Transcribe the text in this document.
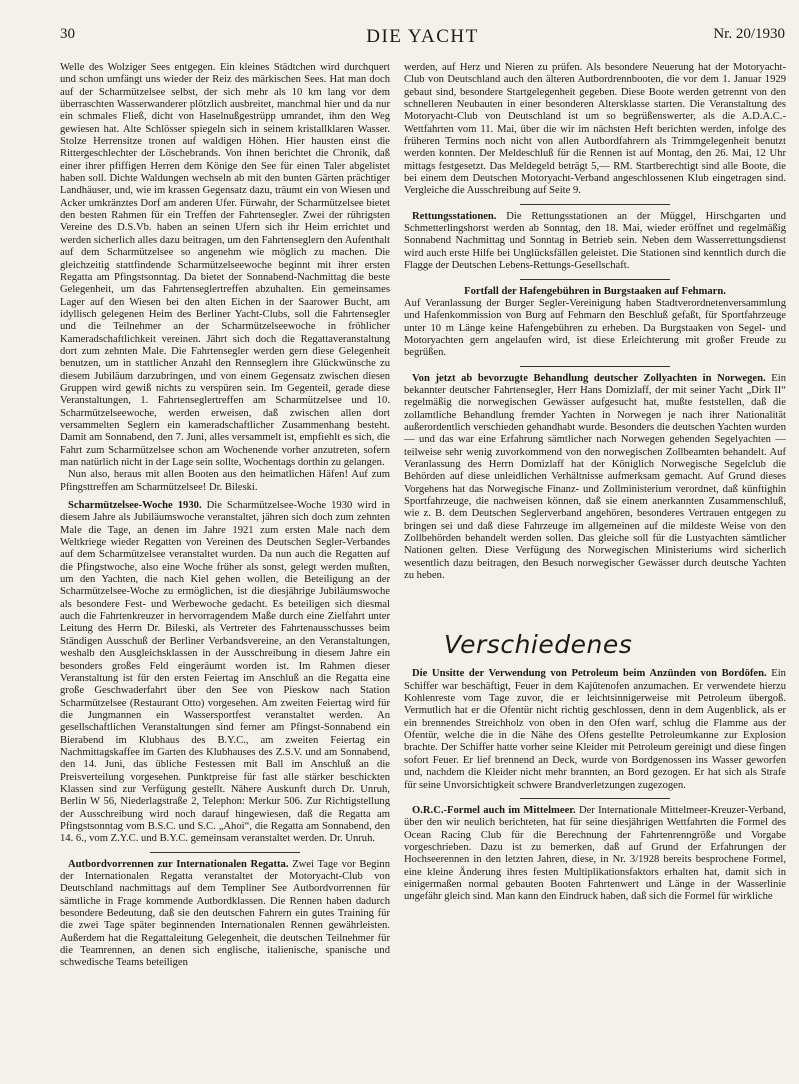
30	DIE YACHT	Nr. 20/1930

Welle des Wolziger Sees entgegen. Ein kleines Städtchen wird durchquert und schon umfängt uns wieder der Reiz des märkischen Sees. Hat man doch auf der Scharmützelsee selbst, der sich mehr als 10 km lang vor dem überraschten Wasserwanderer plötzlich ausbreitet, manchmal hier und da nur ein schmales Fließ, dicht von Haselnußgestrüpp umrandet, ihm den Weg gewiesen hat. Alte Schlösser spiegeln sich in seinem kristallklaren Wasser. Stolze Herrensitze tronen auf waldigen Höhen. Hier hausten einst die Rittergeschlechter der Löschebrands. Von ihnen berichtet die Chronik, daß einer ihrer pfiffigen Herren dem Könige den See für einen Taler abgelistet haben soll. Dichte Waldungen wechseln ab mit den bunten Gärten prächtiger Landhäuser, und, wie im krassen Gegensatz dazu, träumt ein von Wiesen und Acker umkränztes Dorf am anderen Ufer. Fürwahr, der Scharmützelsee bietet den besten Rahmen für ein Treffen der Fahrtensegler. Zwei der rührigsten Vereine des D.S.Vb. haben an seinen Ufern sich ihr Heim errichtet und werden sicherlich alles dazu beitragen, um den Fahrtenseglern den Aufenthalt auf dem Scharmützelsee so angenehm wie möglich zu machen. Die gleichzeitig stattfindende Scharmützelseewoche beginnt mit ihrer ersten Regatta am Pfingstsonntag. Da bietet der Sonnabend-Nachmittag die beste Gelegenheit, um das Fahrtenseglertreffen abzuhalten. Ein gemeinsames Lager auf den Wiesen bei den alten Eichen in der Saarower Bucht, am idyllisch gelegenen Heim des Berliner Yacht-Clubs, soll die Fahrtensegler und die Teilnehmer an der Scharmützelseewoche in fröhlicher Kameradschaftlichkeit vereinen. Jährt sich doch die Regattaveranstaltung dort zum zehnten Male. Die Fahrtensegler werden gern diese Gelegenheit benutzen, um in stattlicher Anzahl den Rennseglern ihre Glückwünsche zu diesem Jubiläum darzubringen, und von einem Gegensatz zwischen diesen Gruppen wird gewiß nichts zu verspüren sein. Im Gegenteil, gerade diese Veranstaltungen, 1. Fahrtenseglertreffen am Scharmützelsee und 10. Scharmützelseewoche, werden erweisen, daß zwischen allen dort versammelten Seglern ein kameradschaftlicher Zusammenhang besteht. Damit am Sonnabend, den 7. Juni, alles versammelt ist, empfiehlt es sich, die Fahrt zum Scharmützelsee schon am Wochenende vorher anzutreten, sofern man natürlich nicht in der Lage sein sollte, Wochentags dorthin zu gelangen.

Nun also, heraus mit allen Booten aus den heimatlichen Häfen! Auf zum Pfingsttreffen am Scharmützelsee! Dr. Bileski.

Scharmützelsee-Woche 1930. Die Scharmützelsee-Woche 1930 wird in diesem Jahre als Jubiläumswoche veranstaltet, jähren sich doch zum zehnten Male die Tage, an denen im Jahre 1921 zum ersten Male nach dem Weltkriege wieder Regatten von Vereinen des Deutschen Segler-Verbandes auf dem Scharmützelsee veranstaltet wurden. Da nun auch die Regatten auf die Pfingstwoche, also eine Woche früher als sonst, gelegt werden mußten, um den Yachten, die nach Kiel gehen wollen, die Beteiligung an der Scharmützelsee-Woche zu ermöglichen, ist die diesjährige Jubiläumswoche als besondere Fest- und Werbewoche gedacht. Es beteiligen sich diesmal auch die Fahrtenkreuzer in hervorragendem Maße durch eine Zielfahrt unter Leitung des Herrn Dr. Bileski, als Vertreter des Fahrtenausschusses beim Ständigen Ausschuß der Berliner Verbandsvereine, an den Veranstaltungen, weshalb den Ausgleichsklassen in der Ausschreibung in diesem Jahre ein besonders großes Feld eingeräumt worden ist. Im Rahmen dieser Veranstaltung ist für den ersten Feiertag im Anschluß an die Regatta eine große Geschwaderfahrt über den See von Pieskow nach Station Scharmützelsee (Restaurant Otto) vorgesehen. Am zweiten Feiertag wird für die Jungmannen ein Wassersportfest veranstaltet werden. An gesellschaftlichen Veranstaltungen sind ferner am Pfingst-Sonnabend ein Bierabend im Klubhaus des B.Y.C., am zweiten Feiertag ein Nachmittagskaffee im Garten des Klubhauses des Z.S.V. und am Sonnabend, den 14. Juni, das übliche Festessen mit Ball im Anschluß an die Preisverteilung vorgesehen. Punktpreise für fast alle stärker beschickten Klassen sind zur Verfügung gestellt. Nähere Auskunft durch Dr. Unruh, Berlin W 56, Niederlagstraße 2, Telephon: Merkur 506. Zur Richtigstellung der Ausschreibung wird noch darauf hingewiesen, daß die Regatta am Pfingstsonntag vom B.S.C. und S.C. „Ahoi“, die Regatta am Sonnabend, den 14. 6., vom Z.Y.C. und B.Y.C. gemeinsam veranstaltet werden. Dr. Unruh.

Autbordvorrennen zur Internationalen Regatta. Zwei Tage vor Beginn der Internationalen Regatta veranstaltet der Motoryacht-Club von Deutschland nachmittags auf dem Templiner See Autbordvorrennen für sämtliche in Frage kommende Autbordklassen. Die Rennen haben dadurch besondere Bedeutung, daß sie den deutschen Fahrern ein gutes Training für die zwei Tage später beginnenden Internationalen Rennen gewährleisten. Außerdem hat die Regattaleitung Gelegenheit, die deutschen Teilnehmer für die Teamrennen, an denen sich englische, italienische, spanische und schwedische Teams beteiligen

werden, auf Herz und Nieren zu prüfen. Als besondere Neuerung hat der Motoryacht-Club von Deutschland auch den älteren Autbordrennbooten, die vor dem 1. Januar 1929 gebaut sind, besondere Startgelegenheit gegeben. Diese Boote werden getrennt von den schnelleren Neubauten in einer besonderen Altersklasse starten. Die Veranstaltung des Motoryacht-Club von Deutschland ist um so begrüßenswerter, als die A.D.A.C.-Wettfahrten vom 11. Mai, über die wir im nächsten Heft berichten werden, infolge des früheren Termins noch nicht von allen Autbordfahrern als Trimmgelegenheit benutzt werden konnten. Der Meldeschluß für die Rennen ist auf Montag, den 26. Mai, 12 Uhr mittags festgesetzt. Das Meldegeld beträgt 5,— RM. Startberechtigt sind alle Boote, die bei einem dem Deutschen Motoryacht-Verband angeschlossenen Klub eingetragen sind. Vergleiche die Ausschreibung auf Seite 9.

Rettungsstationen. Die Rettungsstationen an der Müggel, Hirschgarten und Schmetterlingshorst werden ab Sonntag, den 18. Mai, wieder eröffnet und regelmäßig Sonnabend Nachmittag und Sonntag in Betrieb sein. Neben dem Wasserrettungsdienst wird auch erste Hilfe bei Unglücksfällen geleistet. Die Stationen sind kenntlich durch die Flagge der Deutschen Lebens-Rettungs-Gesellschaft.

Fortfall der Hafengebühren in Burgstaaken auf Fehmarn.

Auf Veranlassung der Burger Segler-Vereinigung haben Stadtverordnetenversammlung und Hafenkommission von Burg auf Fehmarn den Beschluß gefaßt, für Sportfahrzeuge unter 10 m Länge keine Hafengebühren zu erheben. Da Burgstaaken von Segel- und Motoryachten gern angelaufen wird, ist diese Erleichterung mit großer Freude zu begrüßen.

Von jetzt ab bevorzugte Behandlung deutscher Zollyachten in Norwegen. Ein bekannter deutscher Fahrtensegler, Herr Hans Domizlaff, der mit seiner Yacht „Dirk II“ regelmäßig die norwegischen Gewässer aufgesucht hat, mußte feststellen, daß die zollamtliche Behandlung fremder Yachten in Norwegen je nach ihrer Nationalität außerordentlich verschieden gehandhabt wurde. Besonders die deutschen Yachten wurden — und das war eine Erfahrung sämtlicher nach Norwegen gehenden Segelyachten — teilweise sehr wenig zuvorkommend von den norwegischen Zollbeamten behandelt. Auf Veranlassung des Herrn Domizlaff hat der Königlich Norwegische Segelclub die Behörden auf diese unleidlichen Verhältnisse aufmerksam gemacht. Auf Grund dieses Vorgehens hat das Norwegische Finanz- und Zollministerium verordnet, daß künftighin Sportfahrzeuge, die nachweisen können, daß sie einem anerkannten Zusammenschluß, wie z. B. dem Deutschen Seglerverband angehören, besonderes Vertrauen entgegen zu bringen sei und daß diese Fahrzeuge im allgemeinen auf die mildeste Weise von den Zollbehörden behandelt werden sollen. Das gleiche soll für die Lustyachten sämtlicher Nationen gelten. Diese Verfügung des Norwegischen Ministeriums wird sicherlich wesentlich dazu beitragen, den Besuch norwegischer Gewässer durch deutsche Yachten zu heben.

Verschiedenes

Die Unsitte der Verwendung von Petroleum beim Anzünden von Bordöfen. Ein Schiffer war beschäftigt, Feuer in dem Kajütenofen anzumachen. Er verwendete hierzu Kohlenreste vom Tage zuvor, die er leichtsinnigerweise mit Petroleum übergoß. Vermutlich hat er die Ofentür nicht richtig geschlossen, denn in dem Augenblick, als er ein brennendes Streichholz von oben in den Ofen warf, schlug die Flamme aus der Ofentür, welche die in die Nähe des Ofens gestellte Petroleumkanne zur Explosion brachte. Der Schiffer hatte vorher seine Kleider mit Petroleum gereinigt und diese fingen sofort Feuer. Er lief brennend an Deck, wurde von Bordgenossen ins Wasser geworfen und, nachdem die Kleider nicht mehr brannten, an Bord gezogen. Er hat sich als Strafe für seine Unvorsichtigkeit schwere Brandverletzungen zugezogen.

O.R.C.-Formel auch im Mittelmeer. Der Internationale Mittelmeer-Kreuzer-Verband, über den wir neulich berichteten, hat für seine diesjährigen Wettfahrten die Formel des Ocean Racing Club für die Berechnung der Fahrtenrenngröße und Vorgabe vorgeschrieben. Dazu ist zu bemerken, daß auf Grund der Erfahrungen der Hochseerennen in den letzten Jahren, diese, in Nr. 3/1928 bereits besprochene Formel, eine kleine Änderung ihres festen Multiplikationsfaktors erhalten hat, damit sich in einigermaßen normal gebauten Booten Fahrtenwert und Länge in der Wasserlinie ungefähr gleich sind. Man kann den Eindruck haben, daß sich die Formel für wirkliche
